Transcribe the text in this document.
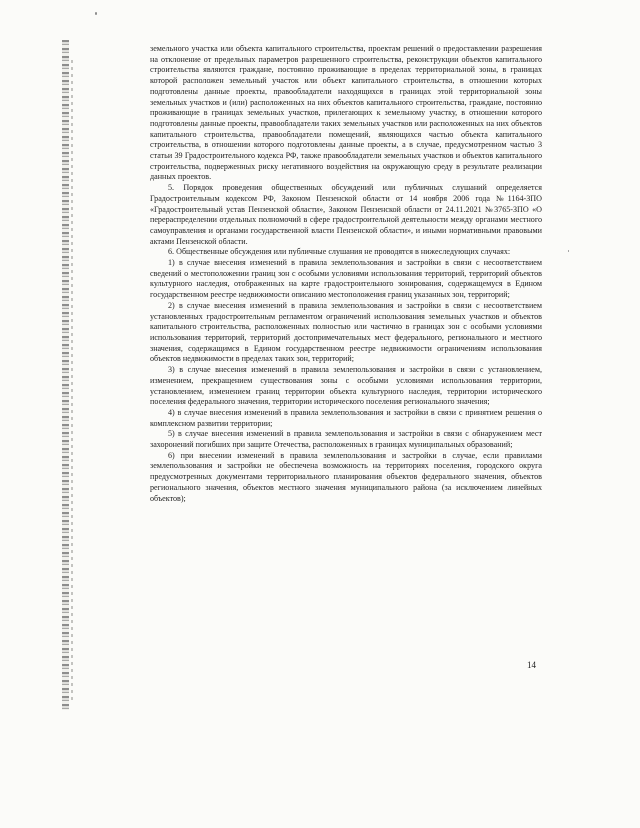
земельного участка или объекта капитального строительства, проектам решений о предоставлении разрешения на отклонение от предельных параметров разрешенного строительства, реконструкции объектов капитального строительства являются граждане, постоянно проживающие в пределах территориальной зоны, в границах которой расположен земельный участок или объект капитального строительства, в отношении которых подготовлены данные проекты, правообладатели находящихся в границах этой территориальной зоны земельных участков и (или) расположенных на них объектов капитального строительства, граждане, постоянно проживающие в границах земельных участков, прилегающих к земельному участку, в отношении которого подготовлены данные проекты, правообладатели таких земельных участков или расположенных на них объектов капитального строительства, правообладатели помещений, являющихся частью объекта капитального строительства, в отношении которого подготовлены данные проекты, а в случае, предусмотренном частью 3 статьи 39 Градостроительного кодекса РФ, также правообладатели земельных участков и объектов капитального строительства, подверженных риску негативного воздействия на окружающую среду в результате реализации данных проектов.

5. Порядок проведения общественных обсуждений или публичных слушаний определяется Градостроительным кодексом РФ, Законом Пензенской области от 14 ноября 2006 года №1164-ЗПО «Градостроительный устав Пензенской области», Законом Пензенской области от 24.11.2021 №3765-ЗПО «О перераспределении отдельных полномочий в сфере градостроительной деятельности между органами местного самоуправления и органами государственной власти Пензенской области», и иными нормативными правовыми актами Пензенской области.

6. Общественные обсуждения или публичные слушания не проводятся в нижеследующих случаях:

1) в случае внесения изменений в правила землепользования и застройки в связи с несоответствием сведений о местоположении границ зон с особыми условиями использования территорий, территорий объектов культурного наследия, отображенных на карте градостроительного зонирования, содержащемуся в Едином государственном реестре недвижимости описанию местоположения границ указанных зон, территорий;

2) в случае внесения изменений в правила землепользования и застройки в связи с несоответствием установленных градостроительным регламентом ограничений использования земельных участков и объектов капитального строительства, расположенных полностью или частично в границах зон с особыми условиями использования территорий, территорий достопримечательных мест федерального, регионального и местного значения, содержащимся в Едином государственном реестре недвижимости ограничениям использования объектов недвижимости в пределах таких зон, территорий;

3) в случае внесения изменений в правила землепользования и застройки в связи с установлением, изменением, прекращением существования зоны с особыми условиями использования территории, установлением, изменением границ территории объекта культурного наследия, территории исторического поселения федерального значения, территории исторического поселения регионального значения;

4) в случае внесения изменений в правила землепользования и застройки в связи с принятием решения о комплексном развитии территории;

5) в случае внесения изменений в правила землепользования и застройки в связи с обнаружением мест захоронений погибших при защите Отечества, расположенных в границах муниципальных образований;

6) при внесении изменений в правила землепользования и застройки в случае, если правилами землепользования и застройки не обеспечена возможность на территориях поселения, городского округа предусмотренных документами территориального планирования объектов федерального значения, объектов регионального значения, объектов местного значения муниципального района (за исключением линейных объектов);

14
